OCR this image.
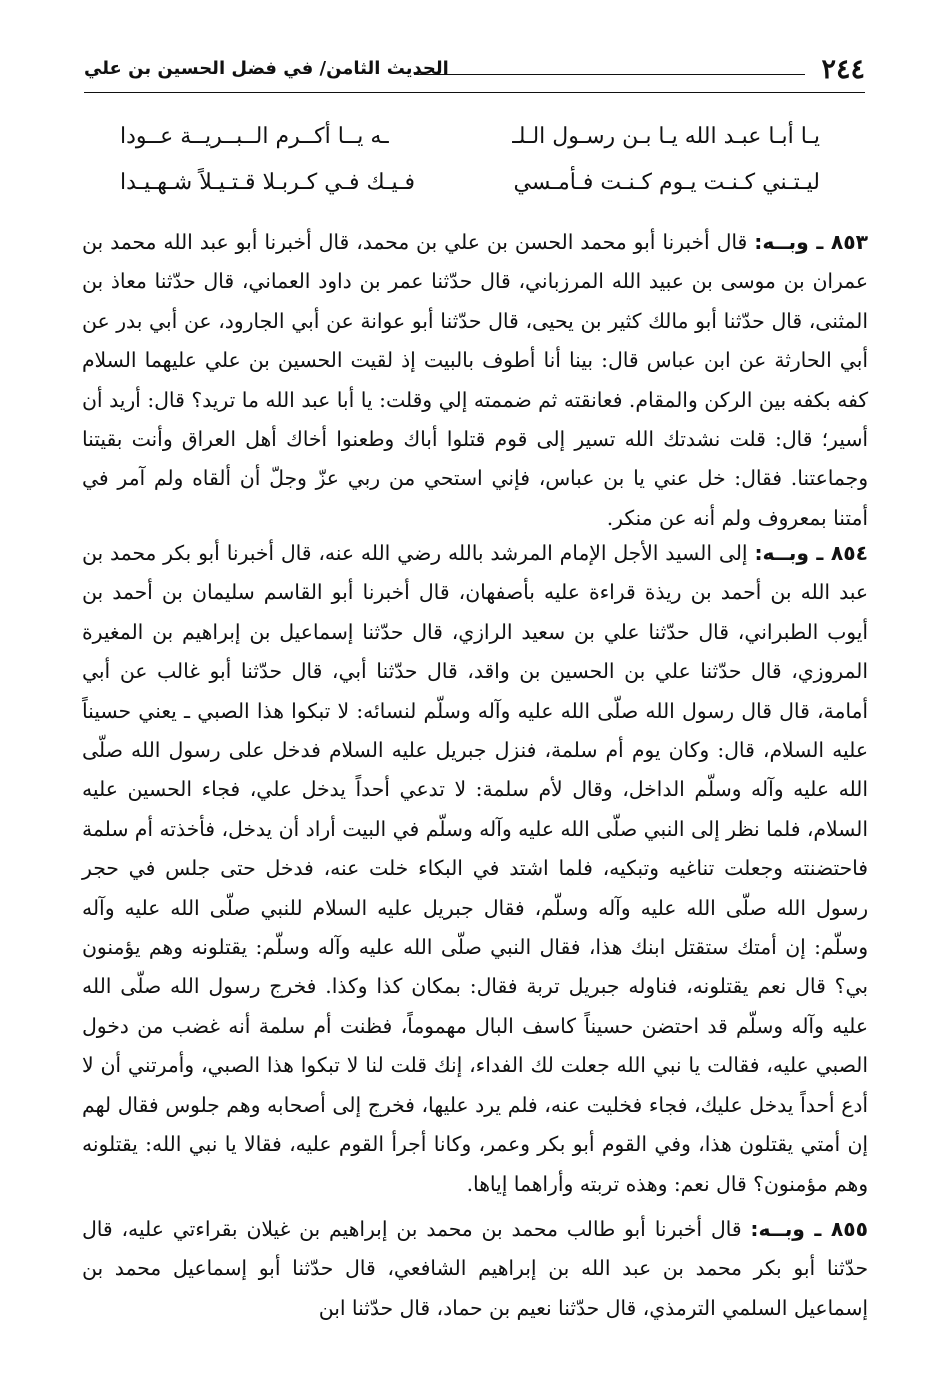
٢٤٤
الحديث الثامن/ في فضل الحسين بن علي
يـا أبـا عبـد الله يـا بـن رسـول الـلـ
ـه يــا أكــرم الــبــريــة عــودا
ليـتـني كـنـت يـوم كـنـت فـأمـسي
فـيـك فـي كـربـلا قـتـيـلاً شـهـيـدا

٨٥٣ ـ وبــه: قال أخبرنا أبو محمد الحسن بن علي بن محمد، قال أخبرنا أبو عبد الله محمد بن عمران بن موسى بن عبيد الله المرزباني، قال حدّثنا عمر بن داود العماني، قال حدّثنا معاذ بن المثنى، قال حدّثنا أبو مالك كثير بن يحيى، قال حدّثنا أبو عوانة عن أبي الجارود، عن أبي بدر عن أبي الحارثة عن ابن عباس قال: بينا أنا أطوف بالبيت إذ لقيت الحسين بن علي عليهما السلام كفه بكفه بين الركن والمقام. فعانقته ثم ضممته إلي وقلت: يا أبا عبد الله ما تريد؟ قال: أريد أن أسير؛ قال: قلت نشدتك الله تسير إلى قوم قتلوا أباك وطعنوا أخاك أهل العراق وأنت بقيتنا وجماعتنا. فقال: خل عني يا بن عباس، فإني استحي من ربي عزّ وجلّ أن ألقاه ولم آمر في أمتنا بمعروف ولم أنه عن منكر.

٨٥٤ ـ وبــه: إلى السيد الأجل الإمام المرشد بالله رضي الله عنه، قال أخبرنا أبو بكر محمد بن عبد الله بن أحمد بن ريذة قراءة عليه بأصفهان، قال أخبرنا أبو القاسم سليمان بن أحمد بن أيوب الطبراني، قال حدّثنا علي بن سعيد الرازي، قال حدّثنا إسماعيل بن إبراهيم بن المغيرة المروزي، قال حدّثنا علي بن الحسين بن واقد، قال حدّثنا أبي، قال حدّثنا أبو غالب عن أبي أمامة، قال قال رسول الله صلّى الله عليه وآله وسلّم لنسائه: لا تبكوا هذا الصبي ـ يعني حسيناً عليه السلام، قال: وكان يوم أم سلمة، فنزل جبريل عليه السلام فدخل على رسول الله صلّى الله عليه وآله وسلّم الداخل، وقال لأم سلمة: لا تدعي أحداً يدخل علي، فجاء الحسين عليه السلام، فلما نظر إلى النبي صلّى الله عليه وآله وسلّم في البيت أراد أن يدخل، فأخذته أم سلمة فاحتضنته وجعلت تناغيه وتبكيه، فلما اشتد في البكاء خلت عنه، فدخل حتى جلس في حجر رسول الله صلّى الله عليه وآله وسلّم، فقال جبريل عليه السلام للنبي صلّى الله عليه وآله وسلّم: إن أمتك ستقتل ابنك هذا، فقال النبي صلّى الله عليه وآله وسلّم: يقتلونه وهم يؤمنون بي؟ قال نعم يقتلونه، فناوله جبريل تربة فقال: بمكان كذا وكذا. فخرج رسول الله صلّى الله عليه وآله وسلّم قد احتضن حسيناً كاسف البال مهموماً، فظنت أم سلمة أنه غضب من دخول الصبي عليه، فقالت يا نبي الله جعلت لك الفداء، إنك قلت لنا لا تبكوا هذا الصبي، وأمرتني أن لا أدع أحداً يدخل عليك، فجاء فخليت عنه، فلم يرد عليها، فخرج إلى أصحابه وهم جلوس فقال لهم إن أمتي يقتلون هذا، وفي القوم أبو بكر وعمر، وكانا أجرأ القوم عليه، فقالا يا نبي الله: يقتلونه وهم مؤمنون؟ قال نعم: وهذه تربته وأراهما إياها.

٨٥٥ ـ وبــه: قال أخبرنا أبو طالب محمد بن محمد بن إبراهيم بن غيلان بقراءتي عليه، قال حدّثنا أبو بكر محمد بن عبد الله بن إبراهيم الشافعي، قال حدّثنا أبو إسماعيل محمد بن إسماعيل السلمي الترمذي، قال حدّثنا نعيم بن حماد، قال حدّثنا ابن
